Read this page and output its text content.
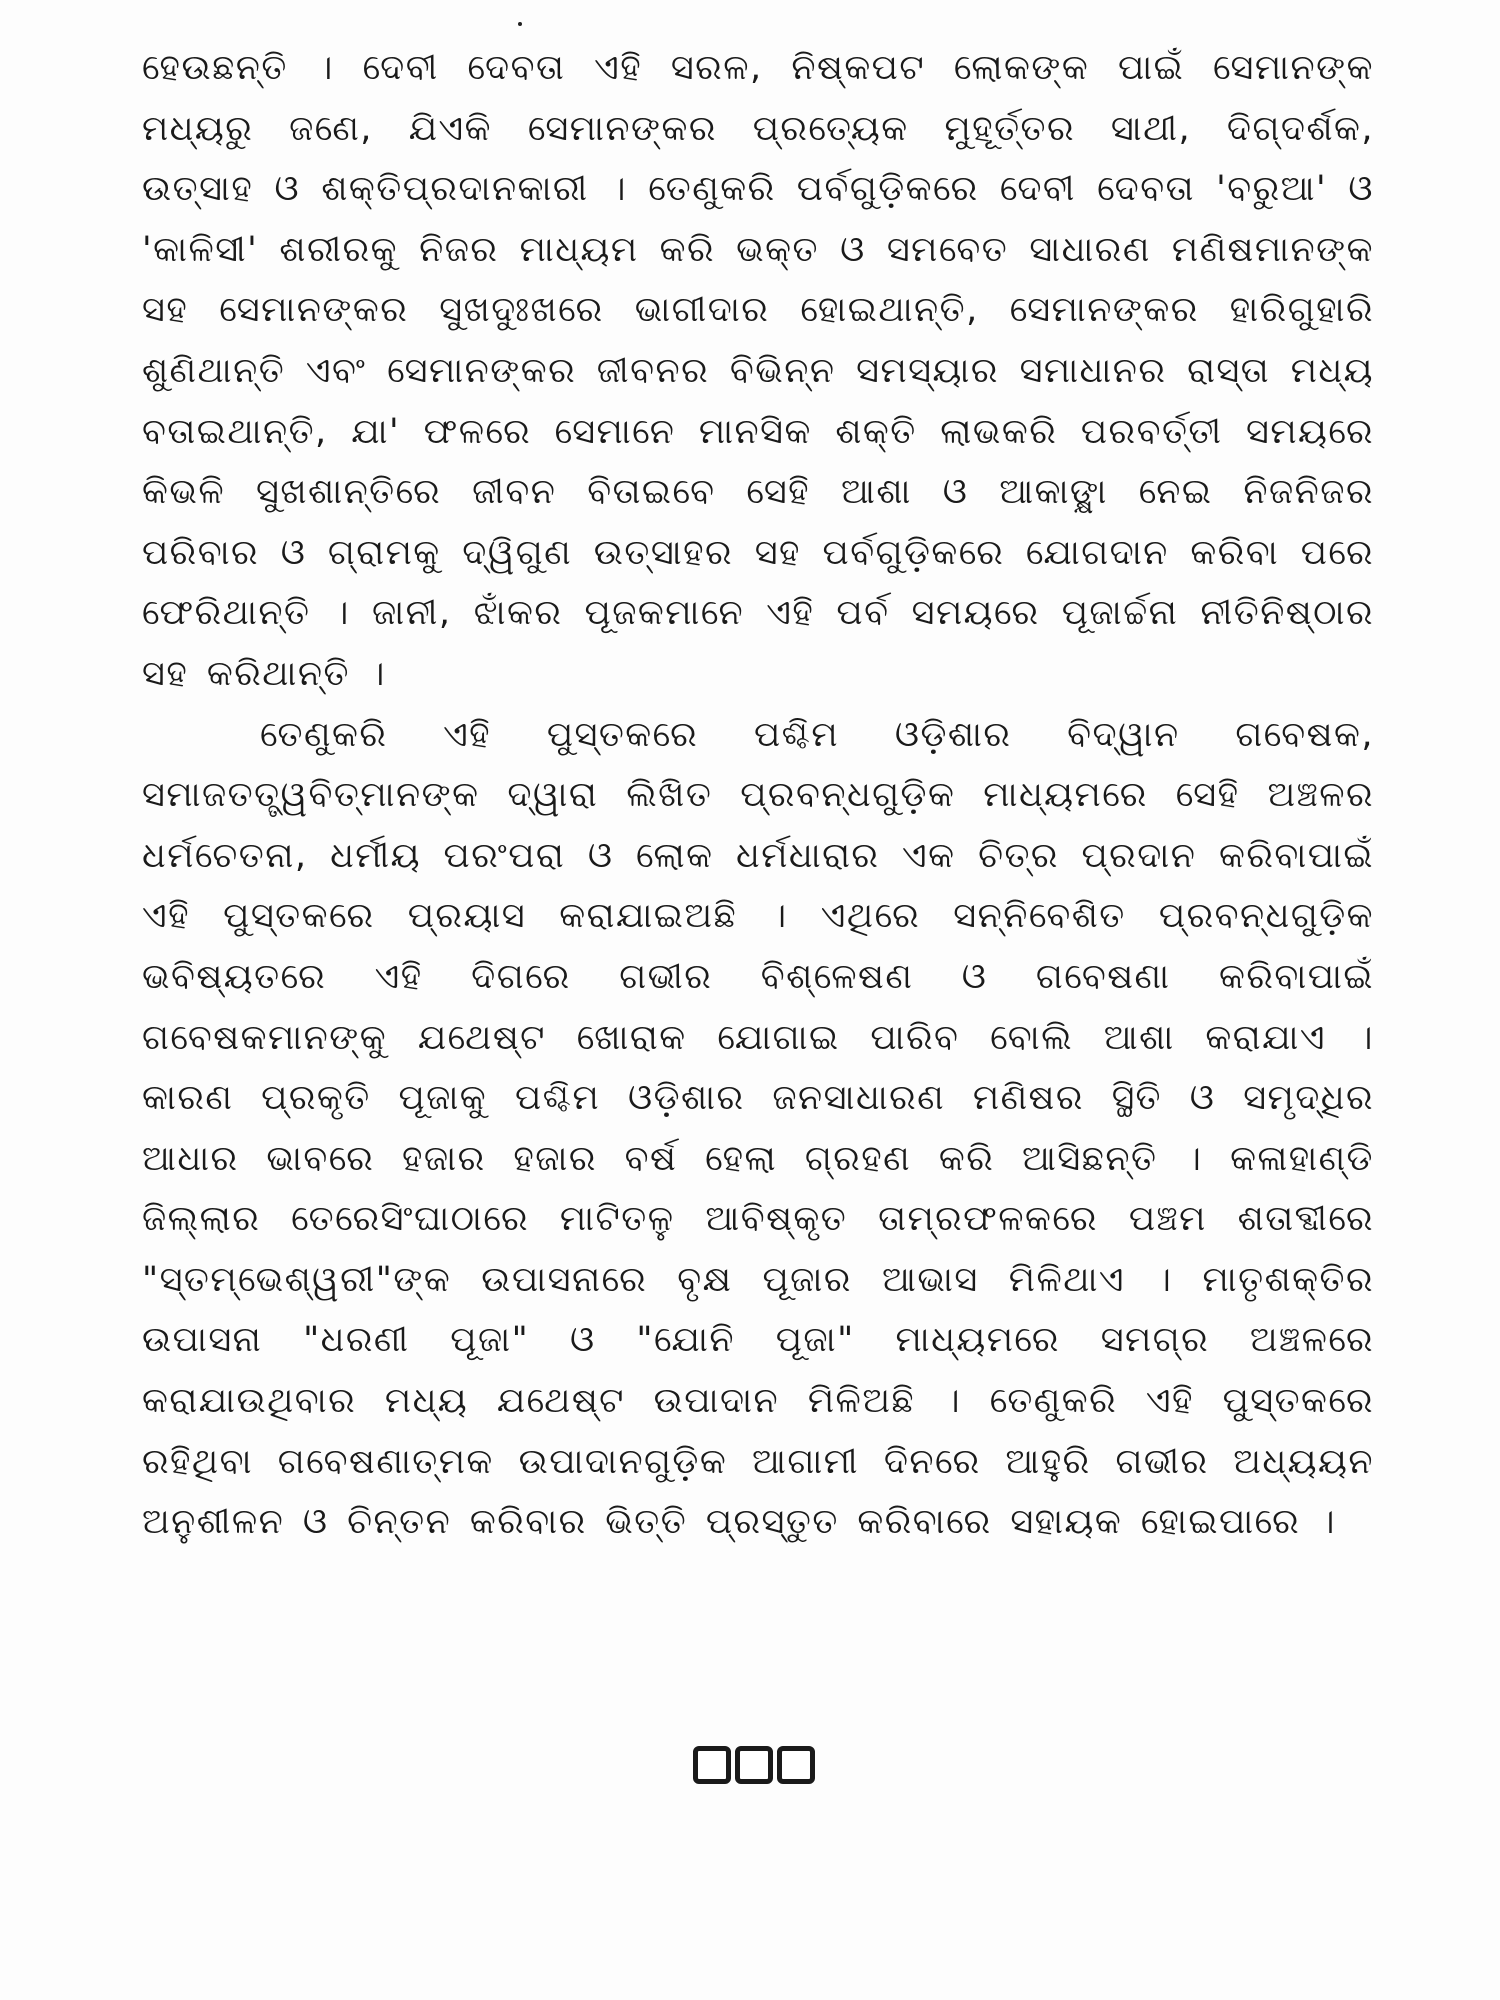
ହେଉଛନ୍ତି । ଦେବୀ ଦେବତା ଏହି ସରଳ, ନିଷ୍କପଟ ଲୋକଙ୍କ ପାଇଁ ସେମାନଙ୍କ ମଧ୍ୟରୁ ଜଣେ, ଯିଏକି ସେମାନଙ୍କର ପ୍ରତ୍ୟେକ ମୁହୂର୍ତ୍ତର ସାଥୀ, ଦିଗ୍‌ଦର୍ଶକ, ଉତ୍ସାହ ଓ ଶକ୍ତିପ୍ରଦାନକାରୀ । ତେଣୁକରି ପର୍ବଗୁଡ଼ିକରେ ଦେବୀ ଦେବତା 'ବରୁଆ' ଓ 'କାଳିସୀ' ଶରୀରକୁ ନିଜର ମାଧ୍ୟମ କରି ଭକ୍ତ ଓ ସମବେତ ସାଧାରଣ ମଣିଷମାନଙ୍କ ସହ ସେମାନଙ୍କର ସୁଖଦୁଃଖରେ ଭାଗୀଦାର ହୋଇଥାନ୍ତି, ସେମାନଙ୍କର ହାରିଗୁହାରି ଶୁଣିଥାନ୍ତି ଏବଂ ସେମାନଙ୍କର ଜୀବନର ବିଭିନ୍ନ ସମସ୍ୟାର ସମାଧାନର ରାସ୍ତା ମଧ୍ୟ ବତାଇଥାନ୍ତି, ଯା' ଫଳରେ ସେମାନେ ମାନସିକ ଶକ୍ତି ଲାଭକରି ପରବର୍ତ୍ତୀ ସମୟରେ କିଭଳି ସୁଖଶାନ୍ତିରେ ଜୀବନ ବିତାଇବେ ସେହି ଆଶା ଓ ଆକାଙ୍କ୍ଷା ନେଇ ନିଜନିଜର ପରିବାର ଓ ଗ୍ରାମକୁ ଦ୍ୱିଗୁଣ ଉତ୍ସାହର ସହ ପର୍ବଗୁଡ଼ିକରେ ଯୋଗଦାନ କରିବା ପରେ ଫେରିଥାନ୍ତି । ଜାନୀ, ଝାଁକର ପୂଜକମାନେ ଏହି ପର୍ବ ସମୟରେ ପୂଜାର୍ଚ୍ଚନା ନୀତିନିଷ୍ଠାର ସହ କରିଥାନ୍ତି ।

ତେଣୁକରି ଏହି ପୁସ୍ତକରେ ପଶ୍ଚିମ ଓଡ଼ିଶାର ବିଦ୍ୱାନ ଗବେଷକ, ସମାଜତତ୍ତ୍ୱବିତ୍‌ମାନଙ୍କ ଦ୍ୱାରା ଲିଖିତ ପ୍ରବନ୍ଧଗୁଡ଼ିକ ମାଧ୍ୟମରେ ସେହି ଅଞ୍ଚଳର ଧର୍ମଚେତନା, ଧର୍ମୀୟ ପରଂପରା ଓ ଲୋକ ଧର୍ମଧାରାର ଏକ ଚିତ୍ର ପ୍ରଦାନ କରିବାପାଇଁ ଏହି ପୁସ୍ତକରେ ପ୍ରୟାସ କରାଯାଇଅଛି । ଏଥିରେ ସନ୍ନିବେଶିତ ପ୍ରବନ୍ଧଗୁଡ଼ିକ ଭବିଷ୍ୟତରେ ଏହି ଦିଗରେ ଗଭୀର ବିଶ୍ଳେଷଣ ଓ ଗବେଷଣା କରିବାପାଇଁ ଗବେଷକମାନଙ୍କୁ ଯଥେଷ୍ଟ ଖୋରାକ ଯୋଗାଇ ପାରିବ ବୋଲି ଆଶା କରାଯାଏ । କାରଣ ପ୍ରକୃତି ପୂଜାକୁ ପଶ୍ଚିମ ଓଡ଼ିଶାର ଜନସାଧାରଣ ମଣିଷର ସ୍ଥିତି ଓ ସମୃଦ୍ଧିର ଆଧାର ଭାବରେ ହଜାର ହଜାର ବର୍ଷ ହେଲା ଗ୍ରହଣ କରି ଆସିଛନ୍ତି । କଳାହାଣ୍ଡି ଜିଲ୍ଲାର ତେରେସିଂଘାଠାରେ ମାଟିତଳୁ ଆବିଷ୍କୃତ ତାମ୍ରଫଳକରେ ପଞ୍ଚମ ଶତାବ୍ଦୀରେ "ସ୍ତମ୍ଭେଶ୍ୱରୀ"ଙ୍କ ଉପାସନାରେ ବୃକ୍ଷ ପୂଜାର ଆଭାସ ମିଳିଥାଏ । ମାତୃଶକ୍ତିର ଉପାସନା "ଧରଣୀ ପୂଜା" ଓ "ଯୋନି ପୂଜା" ମାଧ୍ୟମରେ ସମଗ୍ର ଅଞ୍ଚଳରେ କରାଯାଉଥିବାର ମଧ୍ୟ ଯଥେଷ୍ଟ ଉପାଦାନ ମିଳିଅଛି । ତେଣୁକରି ଏହି ପୁସ୍ତକରେ ରହିଥିବା ଗବେଷଣାତ୍ମକ ଉପାଦାନଗୁଡ଼ିକ ଆଗାମୀ ଦିନରେ ଆହୁରି ଗଭୀର ଅଧ୍ୟୟନ ଅନୁଶୀଳନ ଓ ଚିନ୍ତନ କରିବାର ଭିତ୍ତି ପ୍ରସ୍ତୁତ କରିବାରେ ସହାୟକ ହୋଇପାରେ ।
